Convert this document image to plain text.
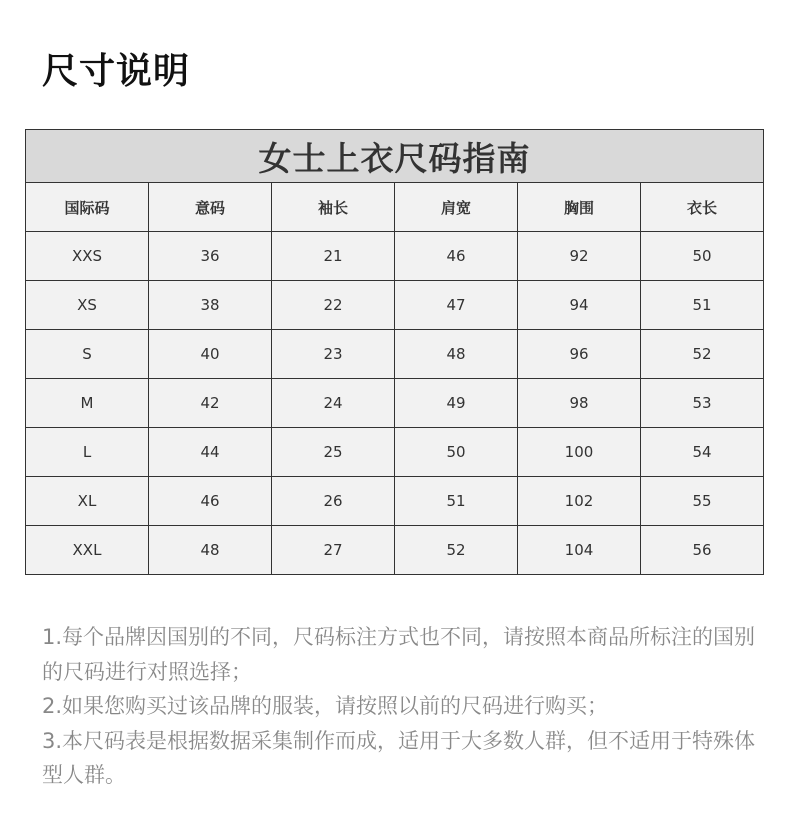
尺寸说明
女士上衣尺码指南					
国际码	意码	袖长	肩宽	胸围	衣长
XXS	36	21	46	92	50
XS	38	22	47	94	51
S	40	23	48	96	52
M	42	24	49	98	53
L	44	25	50	100	54
XL	46	26	51	102	55
XXL	48	27	52	104	56

1.每个品牌因国别的不同，尺码标注方式也不同，请按照本商品所标注的国别的尺码进行对照选择；

2.如果您购买过该品牌的服装，请按照以前的尺码进行购买；

3.本尺码表是根据数据采集制作而成，适用于大多数人群，但不适用于特殊体型人群。
